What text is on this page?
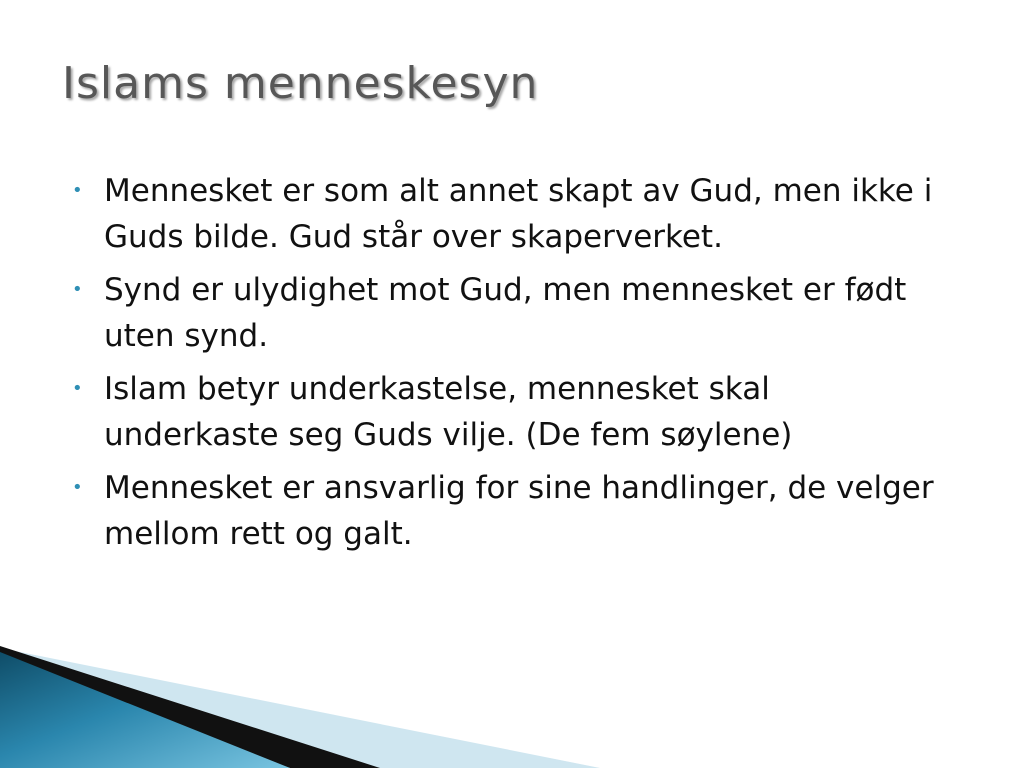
Islams menneskesyn
• Mennesket er som alt annet skapt av Gud, men ikke i Guds bilde. Gud står over skaperverket.
• Synd er ulydighet mot Gud, men mennesket er født uten synd.
• Islam betyr underkastelse, mennesket skal underkaste seg Guds vilje. (De fem søylene)
• Mennesket er ansvarlig for sine handlinger, de velger mellom rett og galt.
